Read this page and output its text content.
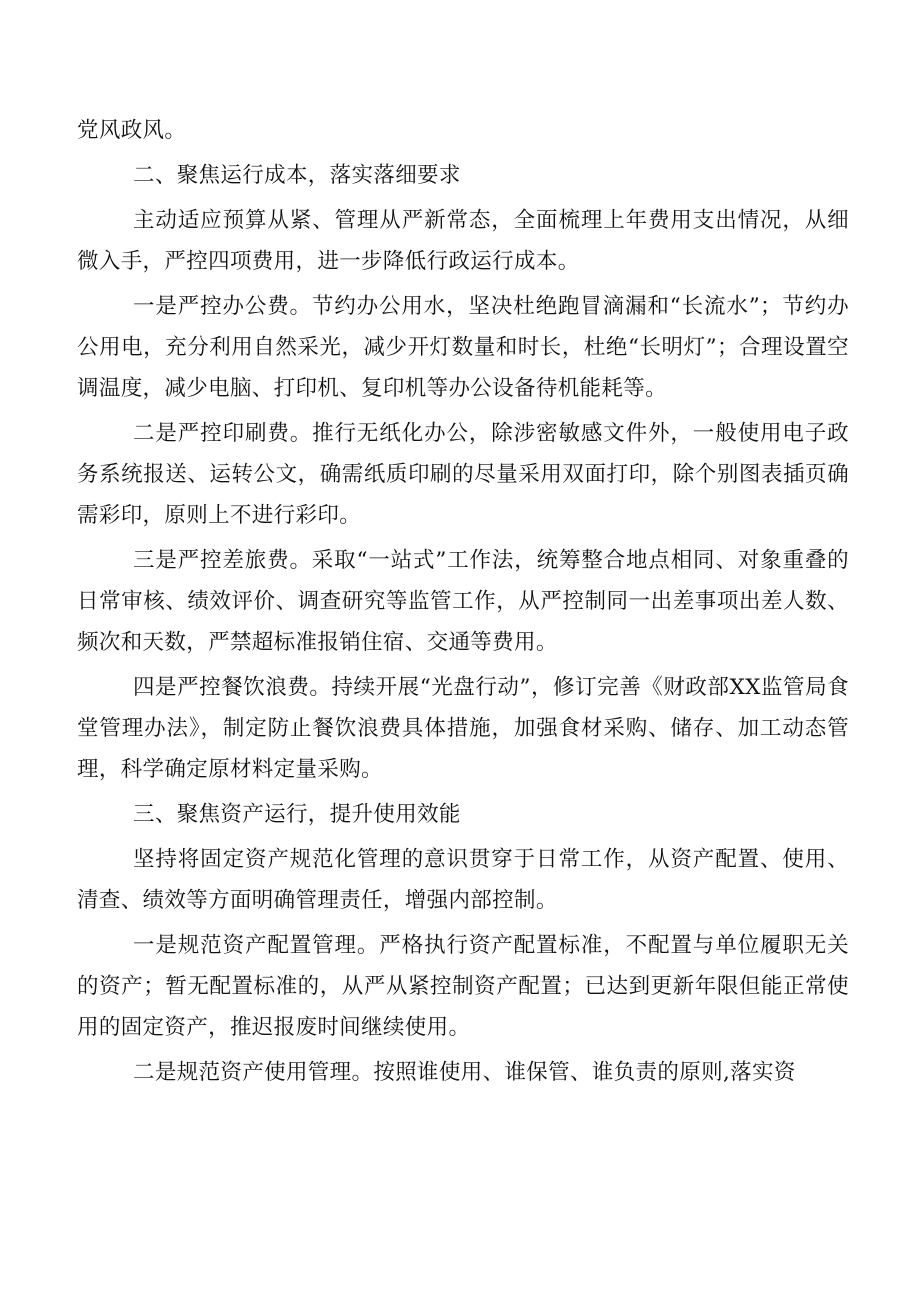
党风政风。

二、聚焦运行成本，落实落细要求

主动适应预算从紧、管理从严新常态，全面梳理上年费用支出情况，从细微入手，严控四项费用，进一步降低行政运行成本。

一是严控办公费。节约办公用水，坚决杜绝跑冒滴漏和“长流水”；节约办公用电，充分利用自然采光，减少开灯数量和时长，杜绝“长明灯”；合理设置空调温度，减少电脑、打印机、复印机等办公设备待机能耗等。

二是严控印刷费。推行无纸化办公，除涉密敏感文件外，一般使用电子政务系统报送、运转公文，确需纸质印刷的尽量采用双面打印，除个别图表插页确需彩印，原则上不进行彩印。

三是严控差旅费。采取“一站式”工作法，统筹整合地点相同、对象重叠的日常审核、绩效评价、调查研究等监管工作，从严控制同一出差事项出差人数、频次和天数，严禁超标准报销住宿、交通等费用。

四是严控餐饮浪费。持续开展“光盘行动”，修订完善《财政部XX监管局食堂管理办法》，制定防止餐饮浪费具体措施，加强食材采购、储存、加工动态管理，科学确定原材料定量采购。

三、聚焦资产运行，提升使用效能

坚持将固定资产规范化管理的意识贯穿于日常工作，从资产配置、使用、清查、绩效等方面明确管理责任，增强内部控制。

一是规范资产配置管理。严格执行资产配置标准，不配置与单位履职无关的资产；暂无配置标准的，从严从紧控制资产配置；已达到更新年限但能正常使用的固定资产，推迟报废时间继续使用。

二是规范资产使用管理。按照谁使用、谁保管、谁负责的原则,落实资
